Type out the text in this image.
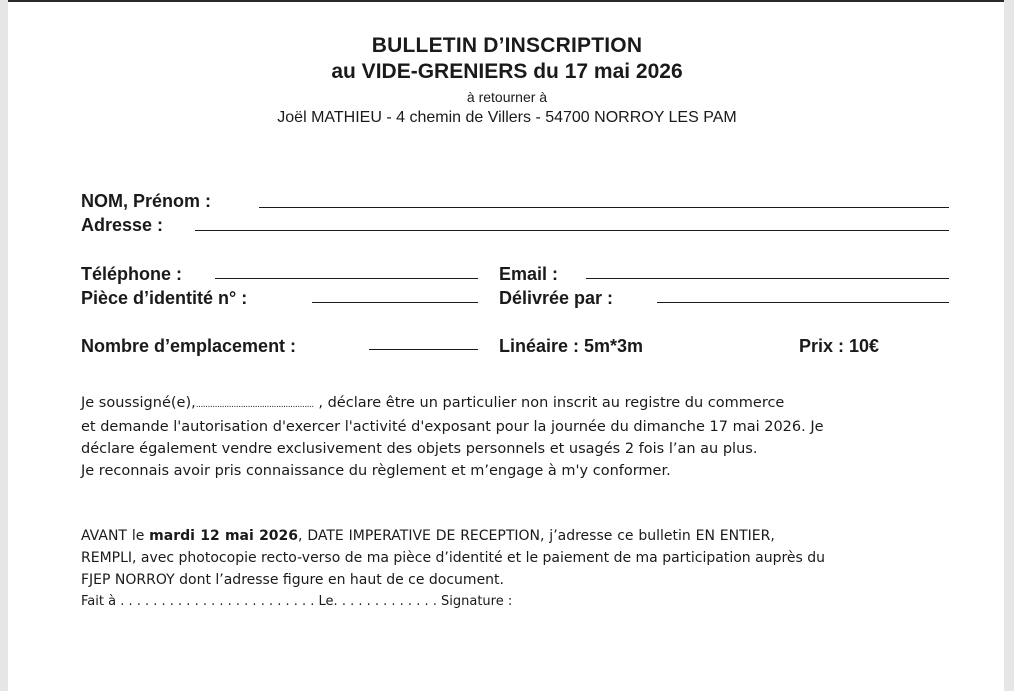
BULLETIN D’INSCRIPTION
au VIDE-GRENIERS du 17 mai 2026
à retourner à
Joël MATHIEU - 4 chemin de Villers - 54700 NORROY LES PAM
NOM, Prénom :
Adresse :
Téléphone :	Email :
Pièce d’identité n° :	Délivrée par :
Nombre d’emplacement :	Linéaire : 5m*3m	Prix : 10€
Je soussigné(e),.................................................. , déclare être un particulier non inscrit au registre du commerce
et demande l'autorisation d'exercer l'activité d'exposant pour la journée du dimanche 17 mai 2026. Je
déclare également vendre exclusivement des objets personnels et usagés 2 fois l’an au plus.
Je reconnais avoir pris connaissance du règlement et m’engage à m'y conformer.
AVANT le mardi 12 mai 2026, DATE IMPERATIVE DE RECEPTION, j’adresse ce bulletin EN ENTIER,
REMPLI, avec photocopie recto-verso de ma pièce d’identité et le paiement de ma participation auprès du
FJEP NORROY dont l’adresse figure en haut de ce document.
Fait à . . . . . . . . . . . . . . . . . . . . . . . . Le. . . . . . . . . . . . . Signature :
